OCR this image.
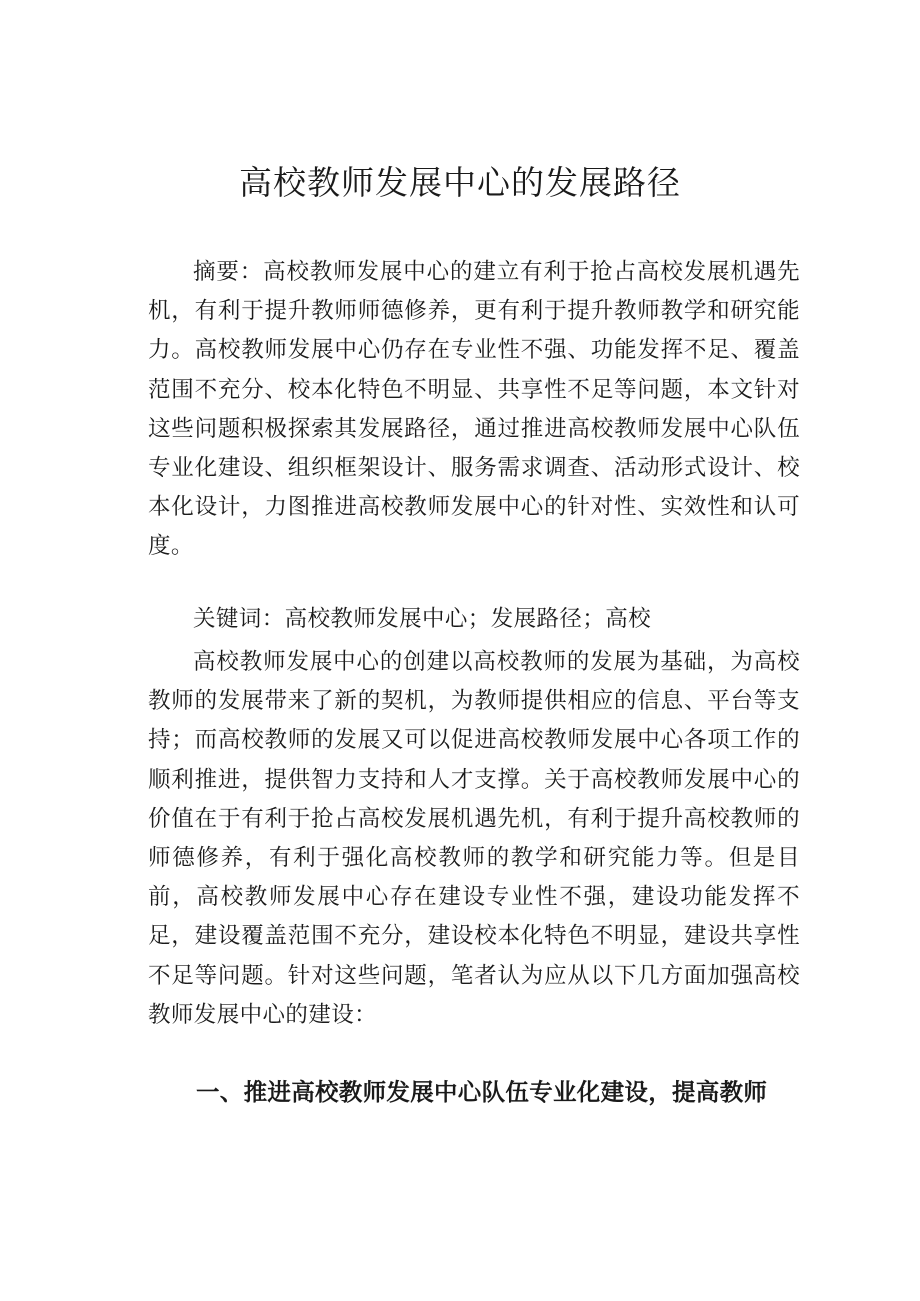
高校教师发展中心的发展路径

摘要：高校教师发展中心的建立有利于抢占高校发展机遇先机，有利于提升教师师德修养，更有利于提升教师教学和研究能力。高校教师发展中心仍存在专业性不强、功能发挥不足、覆盖范围不充分、校本化特色不明显、共享性不足等问题，本文针对这些问题积极探索其发展路径，通过推进高校教师发展中心队伍专业化建设、组织框架设计、服务需求调查、活动形式设计、校本化设计，力图推进高校教师发展中心的针对性、实效性和认可度。

关键词：高校教师发展中心；发展路径；高校

高校教师发展中心的创建以高校教师的发展为基础，为高校教师的发展带来了新的契机，为教师提供相应的信息、平台等支持；而高校教师的发展又可以促进高校教师发展中心各项工作的顺利推进，提供智力支持和人才支撑。关于高校教师发展中心的价值在于有利于抢占高校发展机遇先机，有利于提升高校教师的师德修养，有利于强化高校教师的教学和研究能力等。但是目前，高校教师发展中心存在建设专业性不强，建设功能发挥不足，建设覆盖范围不充分，建设校本化特色不明显，建设共享性不足等问题。针对这些问题，笔者认为应从以下几方面加强高校教师发展中心的建设：

一、推进高校教师发展中心队伍专业化建设，提高教师
